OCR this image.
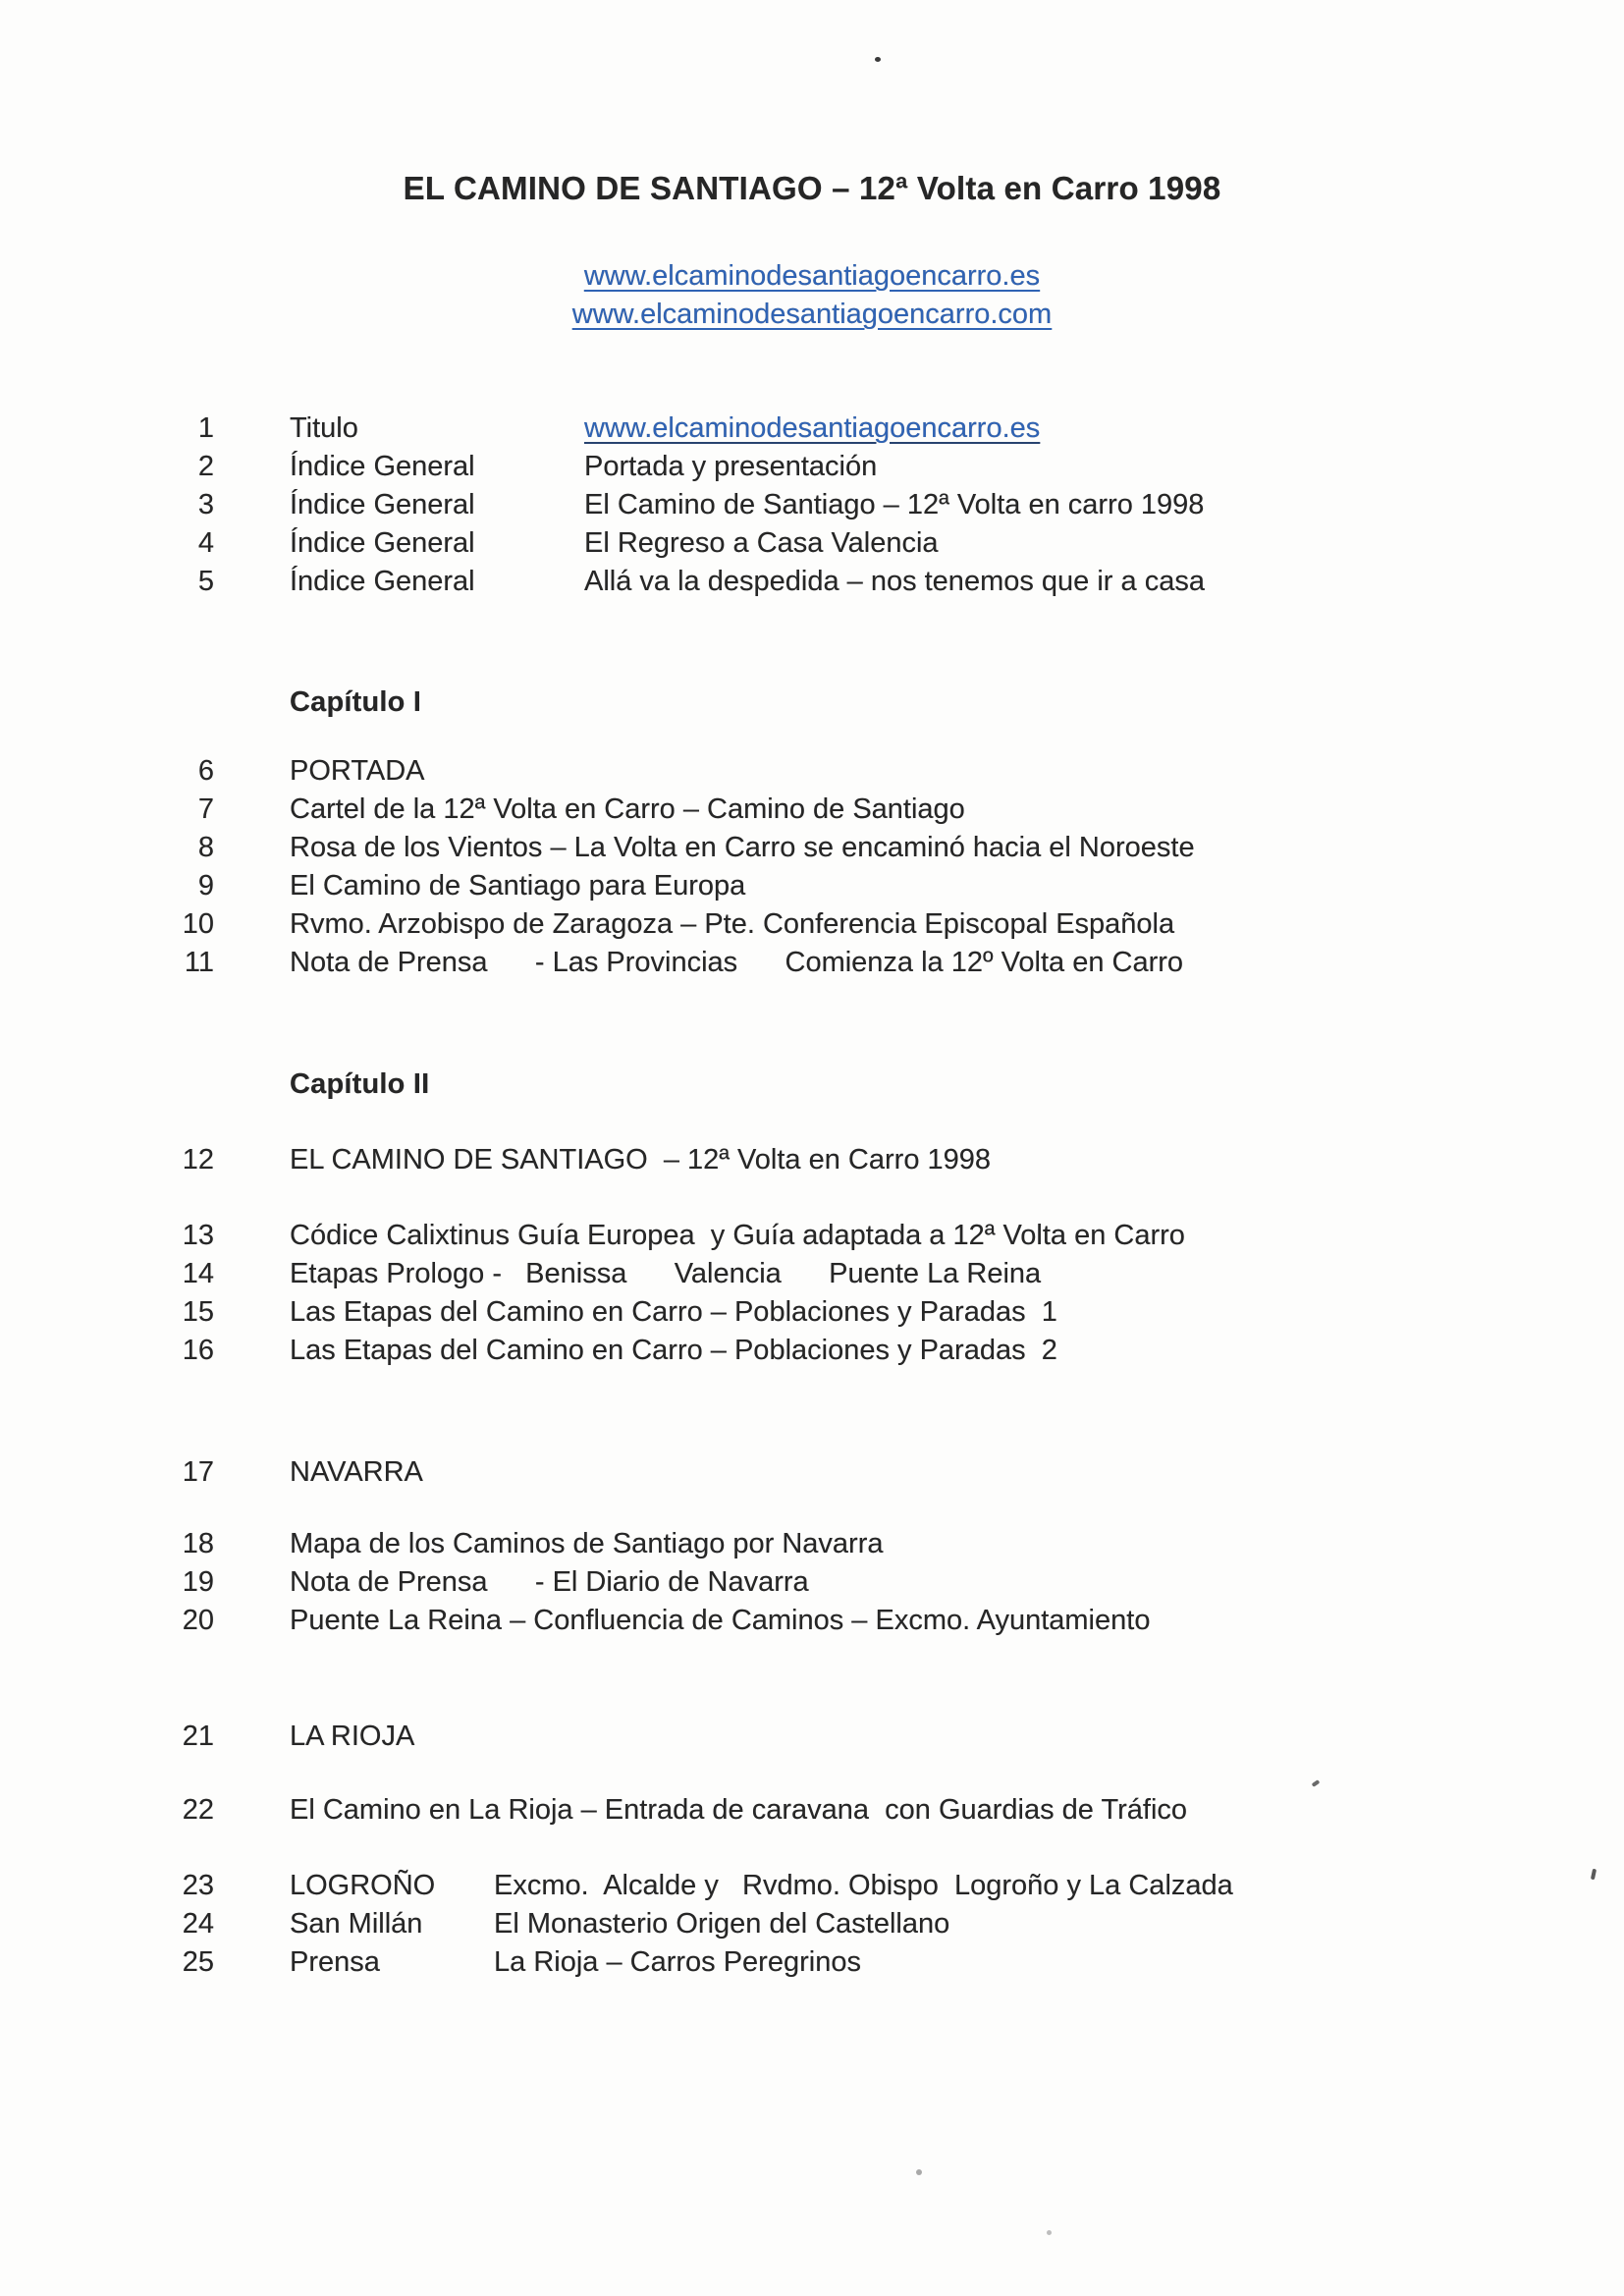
EL CAMINO DE SANTIAGO – 12ª Volta en Carro 1998
www.elcaminodesantiagoencarro.es
www.elcaminodesantiagoencarro.com
1	Titulo	www.elcaminodesantiagoencarro.es
2	Índice General	Portada y presentación
3	Índice General	El Camino de Santiago – 12ª Volta en carro 1998
4	Índice General	El Regreso a Casa Valencia
5	Índice General	Allá va la despedida – nos tenemos que ir a casa
Capítulo I
6	PORTADA
7	Cartel de la 12ª Volta en Carro – Camino de Santiago
8	Rosa de los Vientos – La Volta en Carro se encaminó hacia el Noroeste
9	El Camino de Santiago para Europa
10	Rvmo. Arzobispo de Zaragoza – Pte. Conferencia Episcopal Española
11	Nota de Prensa      - Las Provincias      Comienza la 12º Volta en Carro
Capítulo II
12	EL CAMINO DE SANTIAGO  – 12ª Volta en Carro 1998
13	Códice Calixtinus Guía Europea  y Guía adaptada a 12ª Volta en Carro
14	Etapas Prologo -   Benissa      Valencia      Puente La Reina
15	Las Etapas del Camino en Carro – Poblaciones y Paradas  1
16	Las Etapas del Camino en Carro – Poblaciones y Paradas  2
17	NAVARRA
18	Mapa de los Caminos de Santiago por Navarra
19	Nota de Prensa      - El Diario de Navarra
20	Puente La Reina – Confluencia de Caminos – Excmo. Ayuntamiento
21	LA RIOJA
22	El Camino en La Rioja – Entrada de caravana  con Guardias de Tráfico
23	LOGROÑO	Excmo.  Alcalde y   Rvdmo. Obispo  Logroño y La Calzada
24	San Millán	El Monasterio Origen del Castellano
25	Prensa	La Rioja – Carros Peregrinos
